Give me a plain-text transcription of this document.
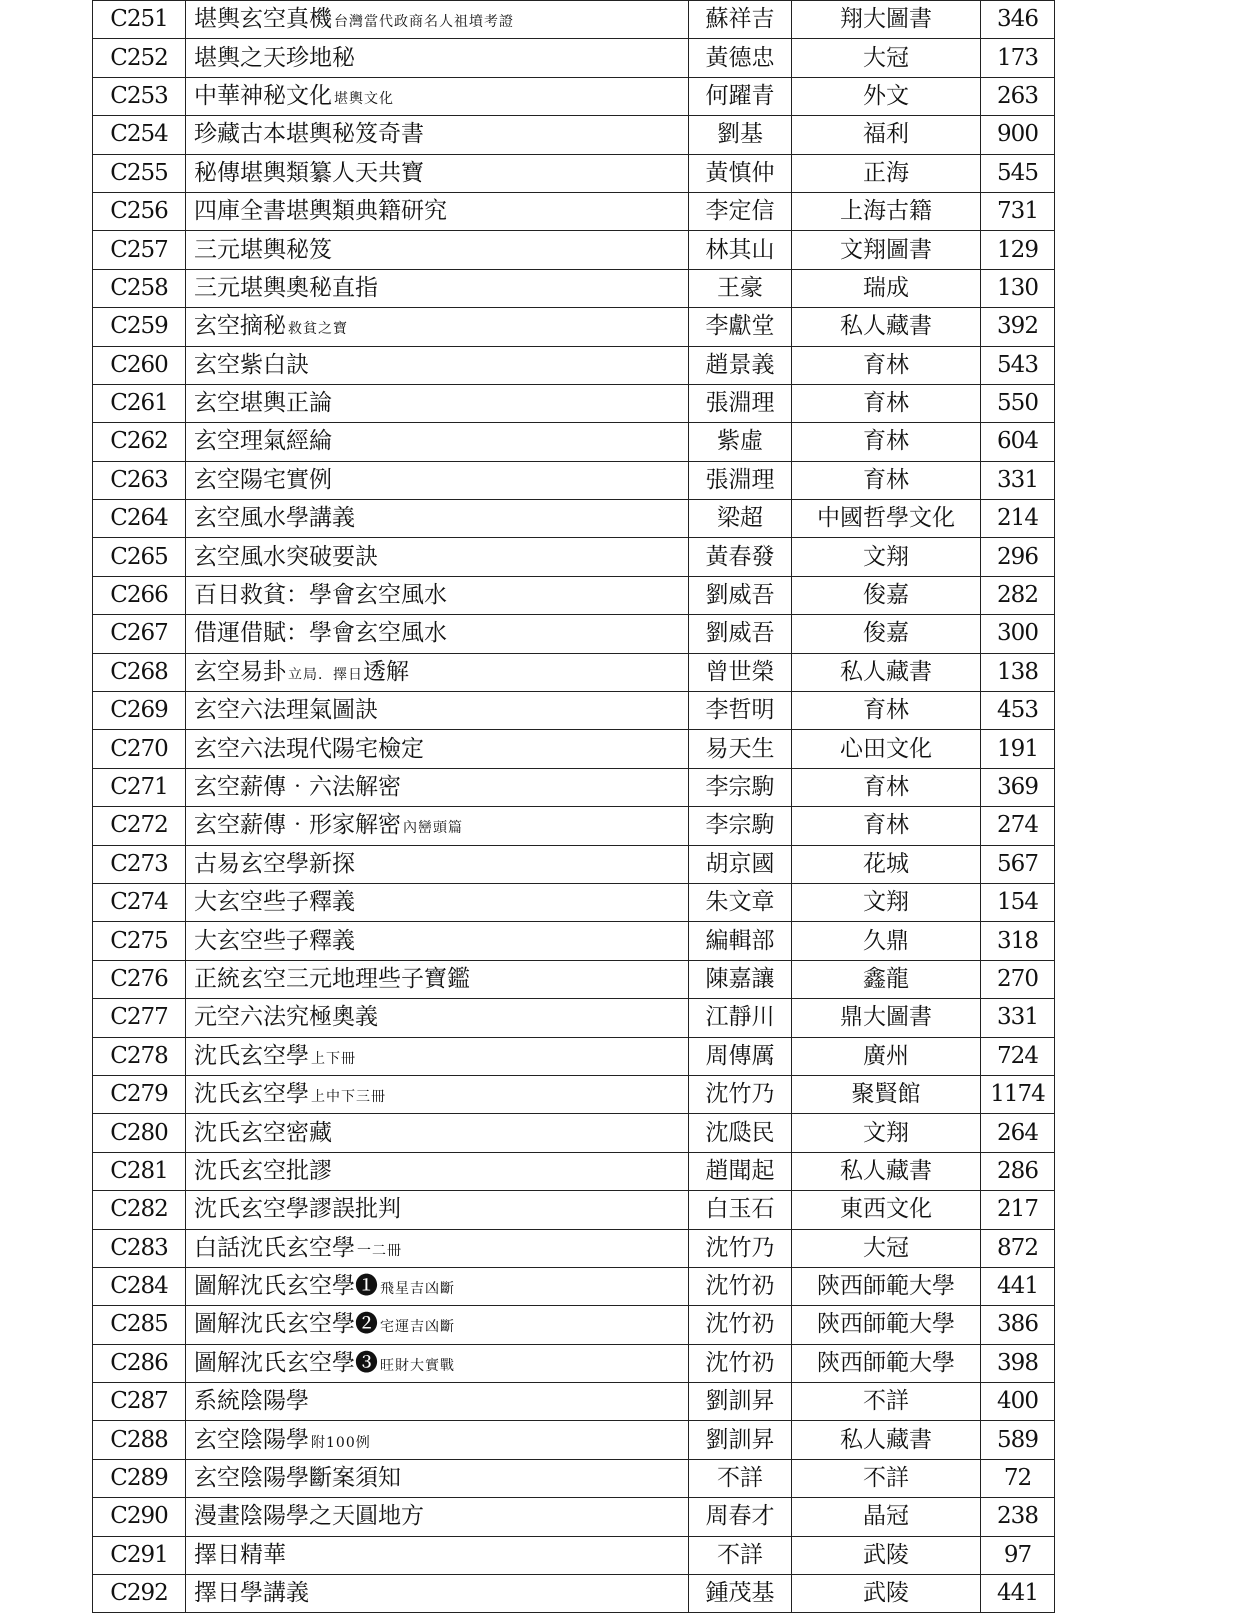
C251	堪輿玄空真機 台灣當代政商名人祖墳考證	蘇祥吉	翔大圖書	346
C252	堪輿之天珍地秘	黃德忠	大冠	173
C253	中華神秘文化 堪輿文化	何躍青	外文	263
C254	珍藏古本堪輿秘笈奇書	劉基	福利	900
C255	秘傳堪輿類纂人天共寶	黃慎仲	正海	545
C256	四庫全書堪輿類典籍研究	李定信	上海古籍	731
C257	三元堪輿秘笈	林其山	文翔圖書	129
C258	三元堪輿奧秘直指	王豪	瑞成	130
C259	玄空摘秘 救貧之寶	李獻堂	私人藏書	392
C260	玄空紫白訣	趙景義	育林	543
C261	玄空堪輿正論	張淵理	育林	550
C262	玄空理氣經綸	紫虛	育林	604
C263	玄空陽宅實例	張淵理	育林	331
C264	玄空風水學講義	梁超	中國哲學文化	214
C265	玄空風水突破要訣	黃春發	文翔	296
C266	百日救貧：學會玄空風水	劉威吾	俊嘉	282
C267	借運借賦：學會玄空風水	劉威吾	俊嘉	300
C268	玄空易卦 立局．擇日透解	曾世榮	私人藏書	138
C269	玄空六法理氣圖訣	李哲明	育林	453
C270	玄空六法現代陽宅檢定	易天生	心田文化	191
C271	玄空薪傳‧六法解密	李宗駒	育林	369
C272	玄空薪傳‧形家解密 內巒頭篇	李宗駒	育林	274
C273	古易玄空學新探	胡京國	花城	567
C274	大玄空些子釋義	朱文章	文翔	154
C275	大玄空些子釋義	編輯部	久鼎	318
C276	正統玄空三元地理些子寶鑑	陳嘉讓	鑫龍	270
C277	元空六法究極奧義	江靜川	鼎大圖書	331
C278	沈氏玄空學 上下冊	周傳厲	廣州	724
C279	沈氏玄空學 上中下三冊	沈竹乃	聚賢館	1174
C280	沈氏玄空密藏	沈瓞民	文翔	264
C281	沈氏玄空批謬	趙聞起	私人藏書	286
C282	沈氏玄空學謬誤批判	白玉石	東西文化	217
C283	白話沈氏玄空學 一二冊	沈竹乃	大冠	872
C284	圖解沈氏玄空學❶ 飛星吉凶斷	沈竹礽	陝西師範大學	441
C285	圖解沈氏玄空學❷ 宅運吉凶斷	沈竹礽	陝西師範大學	386
C286	圖解沈氏玄空學❸ 旺財大實戰	沈竹礽	陝西師範大學	398
C287	系統陰陽學	劉訓昇	不詳	400
C288	玄空陰陽學 附100例	劉訓昇	私人藏書	589
C289	玄空陰陽學斷案須知	不詳	不詳	72
C290	漫畫陰陽學之天圓地方	周春才	晶冠	238
C291	擇日精華	不詳	武陵	97
C292	擇日學講義	鍾茂基	武陵	441
